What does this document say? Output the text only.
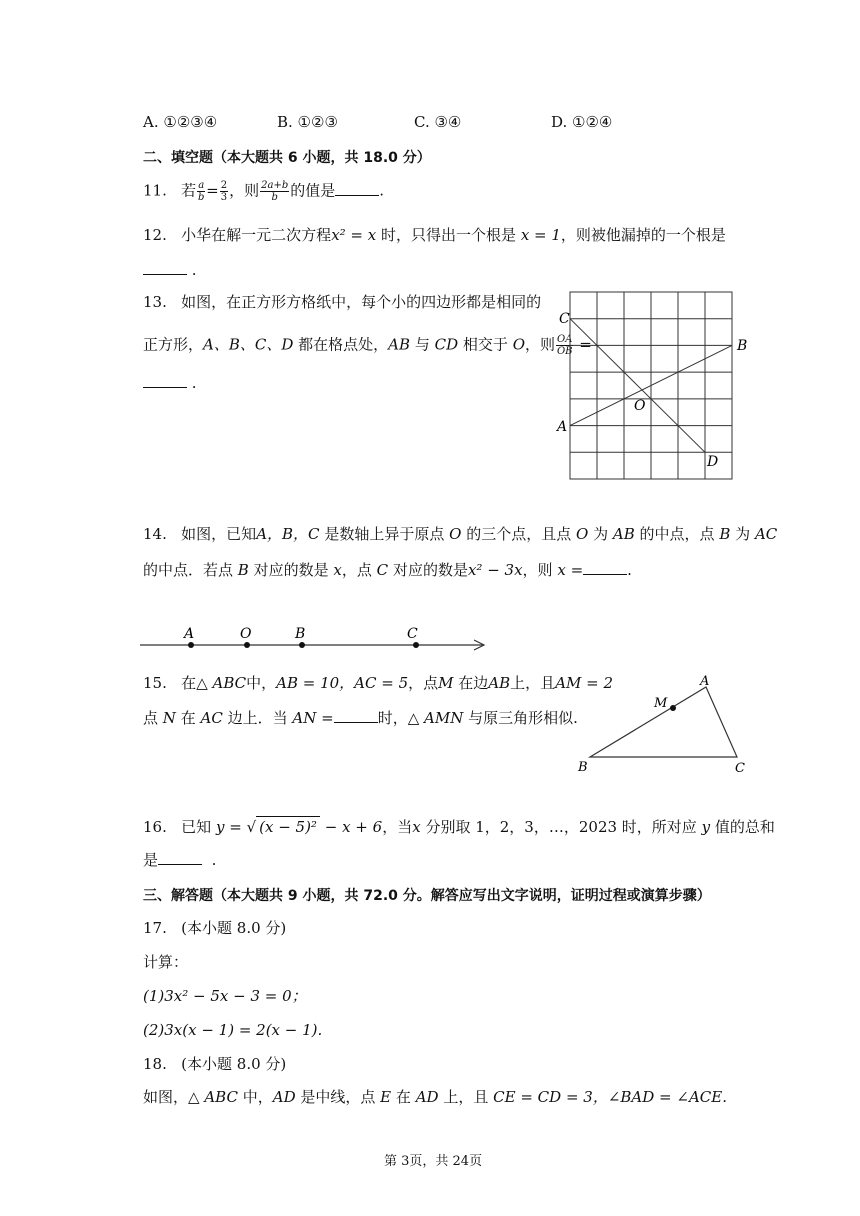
A. ①②③④	B. ①②③	C. ③④	D. ①②④
二、填空题（本大题共 6 小题，共 18.0 分）
11. 若 $\frac{a}{b} = \frac{2}{3}$ ，则 $\frac{2a+b}{b}$ 的值是	.
12. 小华在解一元二次方程x² = x 时，只得出一个根是 x = 1，则被他漏掉的一个根是
.
13. 如图，在正方形方格纸中，每个小的四边形都是相同的
正方形，A、B、C、D 都在格点处，AB 与 CD 相交于 O，则 $\frac{OA}{OB}$ =
.
C
B
A
O
D
14. 如图，已知A，B，C 是数轴上异于原点 O 的三个点，且点 O 为 AB 的中点，点 B 为 AC
的中点．若点 B 对应的数是 x，点 C 对应的数是x² − 3x，则 x =	.
A	O	B	C
15. 在△ ABC中，AB = 10，AC = 5，点M 在边AB上，且AM = 2
点 N 在 AC 边上．当 AN =	时，△ AMN 与原三角形相似.
A
M
B	C
16. 已知 y = √ (x − 5)² − x + 6，当x 分别取 1，2，3，…，2023 时，所对应 y 值的总和
是	.
三、解答题（本大题共 9 小题，共 72.0 分。解答应写出文字说明，证明过程或演算步骤）
17. (本小题 8.0 分)
计算：
(1)3x² − 5x − 3 = 0；
(2)3x(x − 1) = 2(x − 1).
18. (本小题 8.0 分)
如图，△ ABC 中，AD 是中线，点 E 在 AD 上，且 CE = CD = 3，∠BAD = ∠ACE.
第 3页，共 24页
